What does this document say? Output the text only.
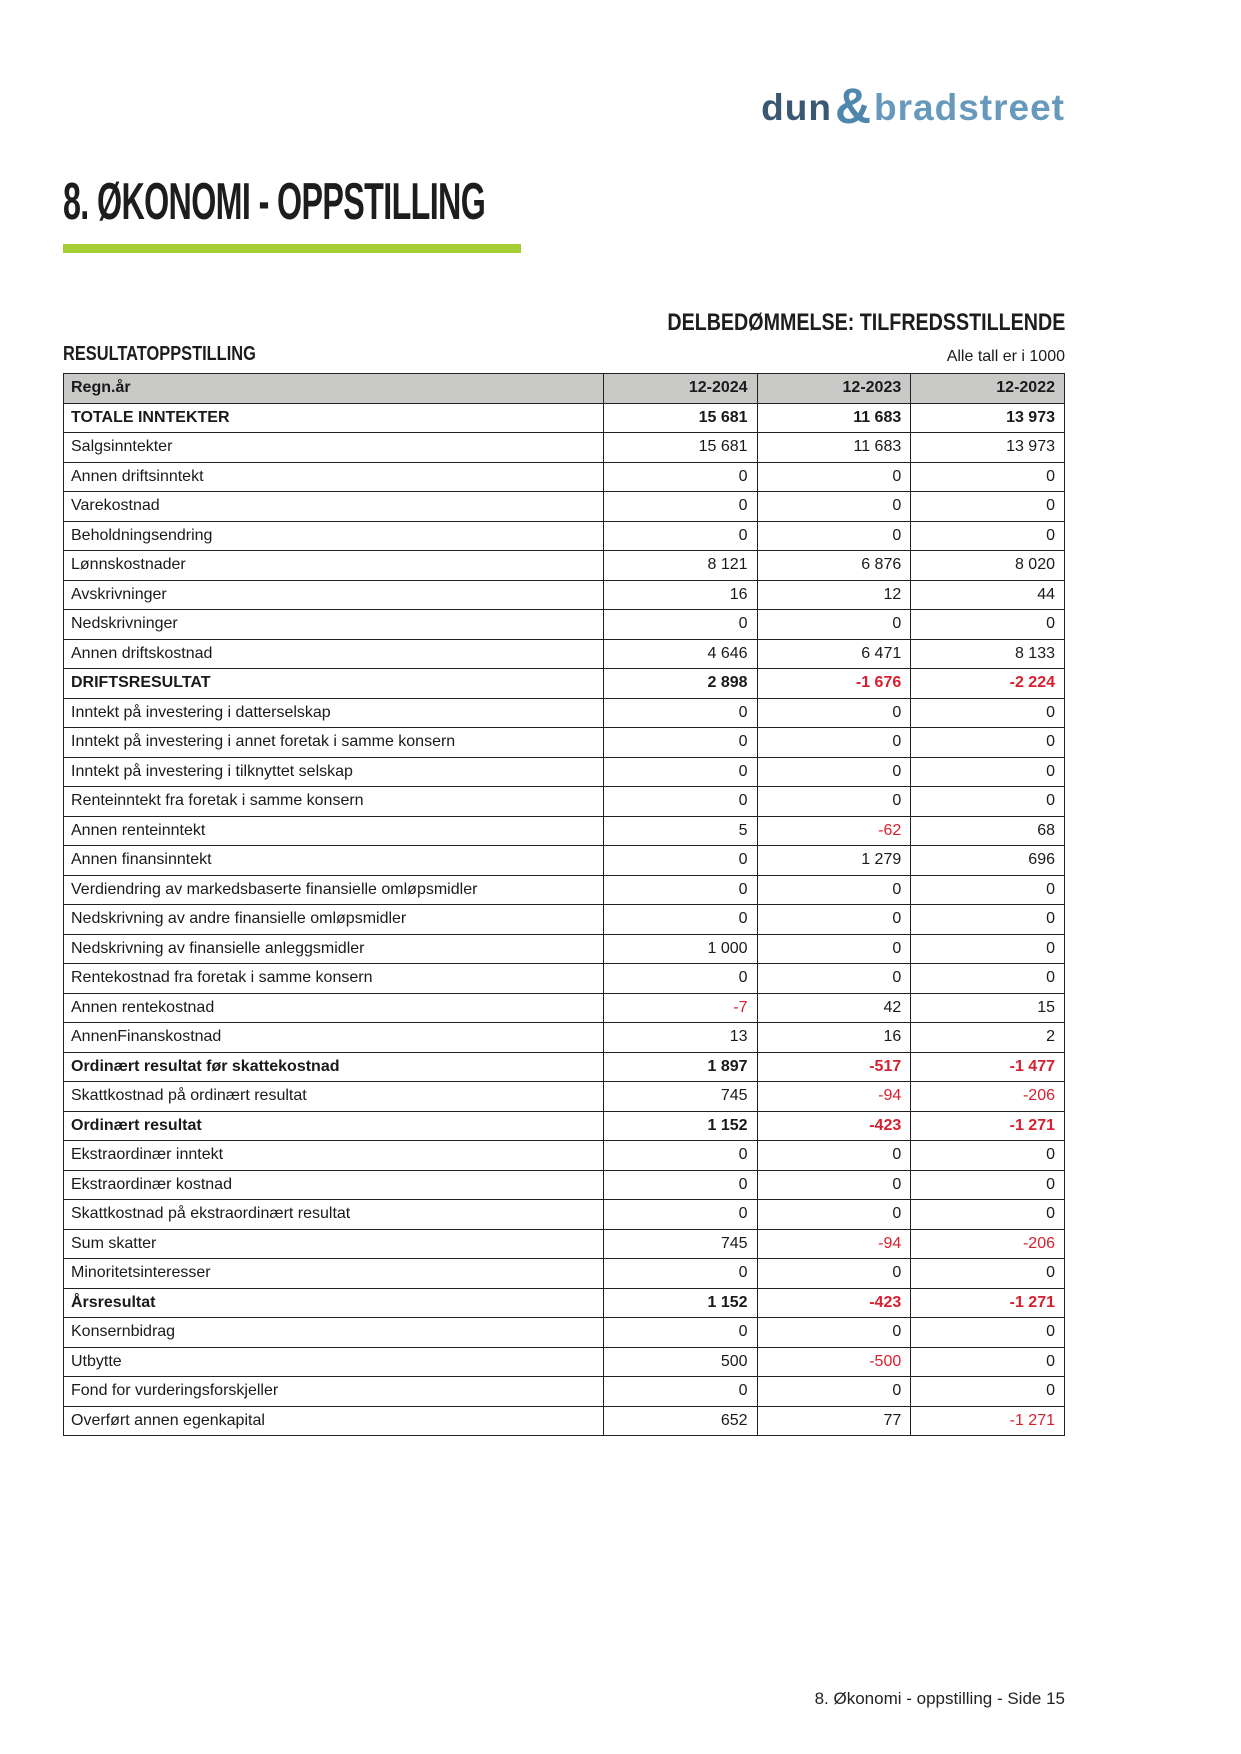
dun & bradstreet
8. ØKONOMI - OPPSTILLING
DELBEDØMMELSE: TILFREDSSTILLENDE
RESULTATOPPSTILLING	Alle tall er i 1000
Regn.år	12-2024	12-2023	12-2022
TOTALE INNTEKTER	15 681	11 683	13 973
Salgsinntekter	15 681	11 683	13 973
Annen driftsinntekt	0	0	0
Varekostnad	0	0	0
Beholdningsendring	0	0	0
Lønnskostnader	8 121	6 876	8 020
Avskrivninger	16	12	44
Nedskrivninger	0	0	0
Annen driftskostnad	4 646	6 471	8 133
DRIFTSRESULTAT	2 898	-1 676	-2 224
Inntekt på investering i datterselskap	0	0	0
Inntekt på investering i annet foretak i samme konsern	0	0	0
Inntekt på investering i tilknyttet selskap	0	0	0
Renteinntekt fra foretak i samme konsern	0	0	0
Annen renteinntekt	5	-62	68
Annen finansinntekt	0	1 279	696
Verdiendring av markedsbaserte finansielle omløpsmidler	0	0	0
Nedskrivning av andre finansielle omløpsmidler	0	0	0
Nedskrivning av finansielle anleggsmidler	1 000	0	0
Rentekostnad fra foretak i samme konsern	0	0	0
Annen rentekostnad	-7	42	15
AnnenFinanskostnad	13	16	2
Ordinært resultat før skattekostnad	1 897	-517	-1 477
Skattkostnad på ordinært resultat	745	-94	-206
Ordinært resultat	1 152	-423	-1 271
Ekstraordinær inntekt	0	0	0
Ekstraordinær kostnad	0	0	0
Skattkostnad på ekstraordinært resultat	0	0	0
Sum skatter	745	-94	-206
Minoritetsinteresser	0	0	0
Årsresultat	1 152	-423	-1 271
Konsernbidrag	0	0	0
Utbytte	500	-500	0
Fond for vurderingsforskjeller	0	0	0
Overført annen egenkapital	652	77	-1 271
8. Økonomi - oppstilling - Side 15
